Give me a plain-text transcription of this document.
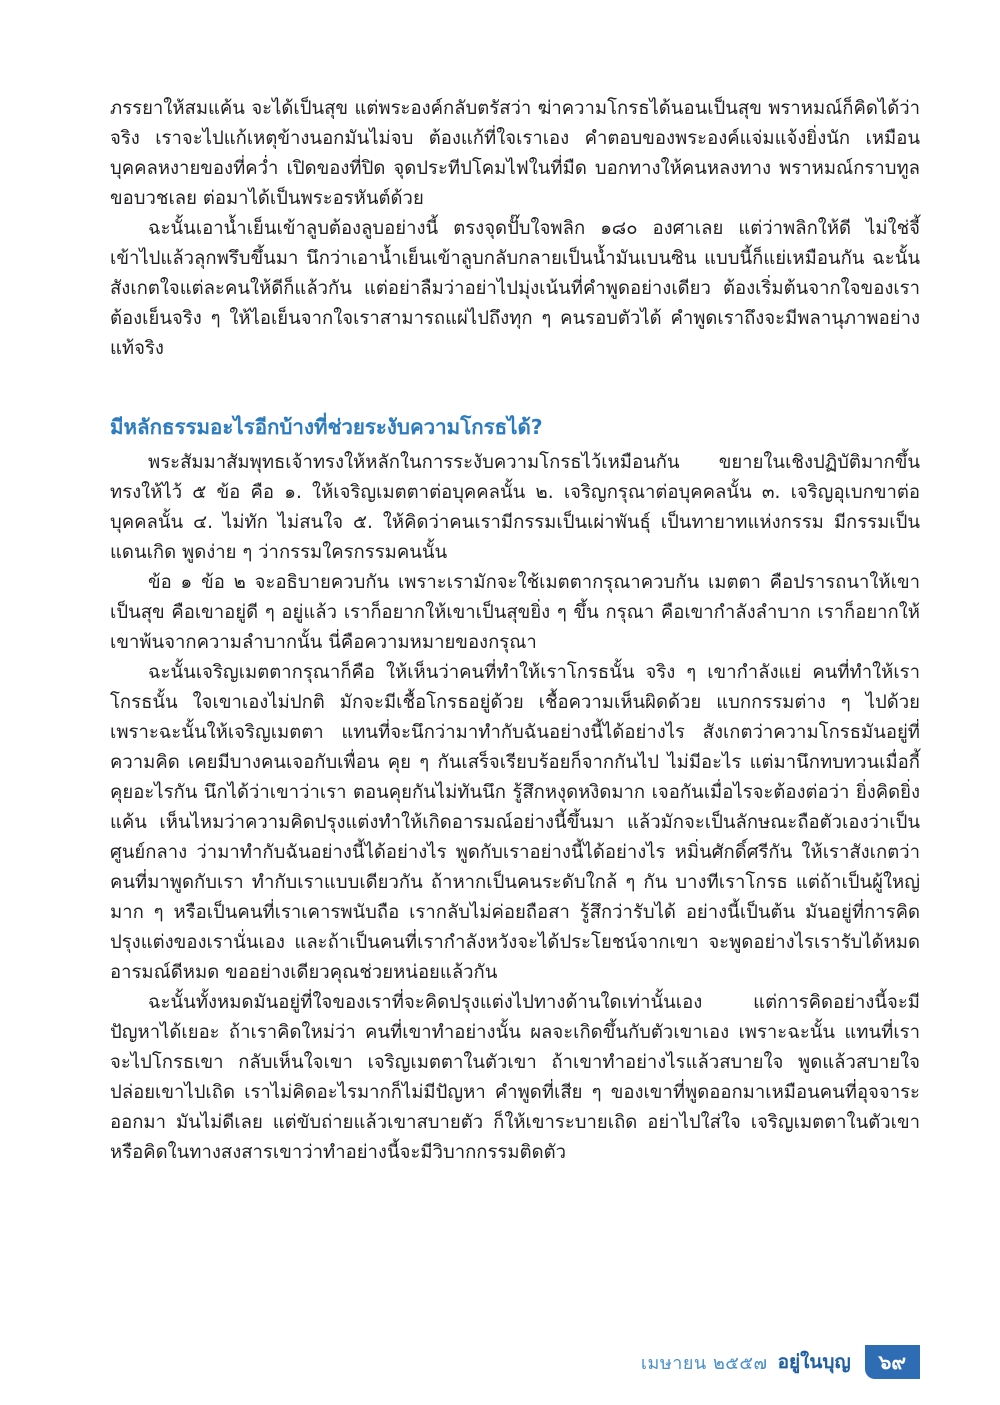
ภรรยาให้สมแค้น จะได้เป็นสุข แต่พระองค์กลับตรัสว่า ฆ่าความโกรธได้นอนเป็นสุข พราหมณ์ก็คิดได้ว่าจริง เราจะไปแก้เหตุข้างนอกมันไม่จบ ต้องแก้ที่ใจเราเอง คำตอบของพระองค์แจ่มแจ้งยิ่งนัก เหมือนบุคคลหงายของที่คว่ำ เปิดของที่ปิด จุดประทีปโคมไฟในที่มืด บอกทางให้คนหลงทาง พราหมณ์กราบทูลขอบวชเลย ต่อมาได้เป็นพระอรหันต์ด้วย

ฉะนั้นเอาน้ำเย็นเข้าลูบต้องลูบอย่างนี้ ตรงจุดปั๊บใจพลิก ๑๘๐ องศาเลย แต่ว่าพลิกให้ดี ไม่ใช่จี้เข้าไปแล้วลุกพรึบขึ้นมา นึกว่าเอาน้ำเย็นเข้าลูบกลับกลายเป็นน้ำมันเบนซิน แบบนี้ก็แย่เหมือนกัน ฉะนั้นสังเกตใจแต่ละคนให้ดีก็แล้วกัน แต่อย่าลืมว่าอย่าไปมุ่งเน้นที่คำพูดอย่างเดียว ต้องเริ่มต้นจากใจของเราต้องเย็นจริง ๆ ให้ไอเย็นจากใจเราสามารถแผ่ไปถึงทุก ๆ คนรอบตัวได้ คำพูดเราถึงจะมีพลานุภาพอย่างแท้จริง

มีหลักธรรมอะไรอีกบ้างที่ช่วยระงับความโกรธได้?

พระสัมมาสัมพุทธเจ้าทรงให้หลักในการระงับความโกรธไว้เหมือนกัน ขยายในเชิงปฏิบัติมากขึ้น ทรงให้ไว้ ๕ ข้อ คือ ๑. ให้เจริญเมตตาต่อบุคคลนั้น ๒. เจริญกรุณาต่อบุคคลนั้น ๓. เจริญอุเบกขาต่อบุคคลนั้น ๔. ไม่ทัก ไม่สนใจ ๕. ให้คิดว่าคนเรามีกรรมเป็นเผ่าพันธุ์ เป็นทายาทแห่งกรรม มีกรรมเป็นแดนเกิด พูดง่าย ๆ ว่ากรรมใครกรรมคนนั้น

ข้อ ๑ ข้อ ๒ จะอธิบายควบกัน เพราะเรามักจะใช้เมตตากรุณาควบกัน เมตตา คือปรารถนาให้เขาเป็นสุข คือเขาอยู่ดี ๆ อยู่แล้ว เราก็อยากให้เขาเป็นสุขยิ่ง ๆ ขึ้น กรุณา คือเขากำลังลำบาก เราก็อยากให้เขาพ้นจากความลำบากนั้น นี่คือความหมายของกรุณา

ฉะนั้นเจริญเมตตากรุณาก็คือ ให้เห็นว่าคนที่ทำให้เราโกรธนั้น จริง ๆ เขากำลังแย่ คนที่ทำให้เราโกรธนั้น ใจเขาเองไม่ปกติ มักจะมีเชื้อโกรธอยู่ด้วย เชื้อความเห็นผิดด้วย แบกกรรมต่าง ๆ ไปด้วย เพราะฉะนั้นให้เจริญเมตตา แทนที่จะนึกว่ามาทำกับฉันอย่างนี้ได้อย่างไร สังเกตว่าความโกรธมันอยู่ที่ความคิด เคยมีบางคนเจอกับเพื่อน คุย ๆ กันเสร็จเรียบร้อยก็จากกันไป ไม่มีอะไร แต่มานึกทบทวนเมื่อกี้คุยอะไรกัน นึกได้ว่าเขาว่าเรา ตอนคุยกันไม่ทันนึก รู้สึกหงุดหงิดมาก เจอกันเมื่อไรจะต้องต่อว่า ยิ่งคิดยิ่งแค้น เห็นไหมว่าความคิดปรุงแต่งทำให้เกิดอารมณ์อย่างนี้ขึ้นมา แล้วมักจะเป็นลักษณะถือตัวเองว่าเป็นศูนย์กลาง ว่ามาทำกับฉันอย่างนี้ได้อย่างไร พูดกับเราอย่างนี้ได้อย่างไร หมิ่นศักดิ์ศรีกัน ให้เราสังเกตว่าคนที่มาพูดกับเรา ทำกับเราแบบเดียวกัน ถ้าหากเป็นคนระดับใกล้ ๆ กัน บางทีเราโกรธ แต่ถ้าเป็นผู้ใหญ่มาก ๆ หรือเป็นคนที่เราเคารพนับถือ เรากลับไม่ค่อยถือสา รู้สึกว่ารับได้ อย่างนี้เป็นต้น มันอยู่ที่การคิดปรุงแต่งของเรานั่นเอง และถ้าเป็นคนที่เรากำลังหวังจะได้ประโยชน์จากเขา จะพูดอย่างไรเรารับได้หมด อารมณ์ดีหมด ขออย่างเดียวคุณช่วยหน่อยแล้วกัน

ฉะนั้นทั้งหมดมันอยู่ที่ใจของเราที่จะคิดปรุงแต่งไปทางด้านใดเท่านั้นเอง แต่การคิดอย่างนี้จะมีปัญหาได้เยอะ ถ้าเราคิดใหม่ว่า คนที่เขาทำอย่างนั้น ผลจะเกิดขึ้นกับตัวเขาเอง เพราะฉะนั้น แทนที่เราจะไปโกรธเขา กลับเห็นใจเขา เจริญเมตตาในตัวเขา ถ้าเขาทำอย่างไรแล้วสบายใจ พูดแล้วสบายใจ ปล่อยเขาไปเถิด เราไม่คิดอะไรมากก็ไม่มีปัญหา คำพูดที่เสีย ๆ ของเขาที่พูดออกมาเหมือนคนที่อุจจาระออกมา มันไม่ดีเลย แต่ขับถ่ายแล้วเขาสบายตัว ก็ให้เขาระบายเถิด อย่าไปใส่ใจ เจริญเมตตาในตัวเขา หรือคิดในทางสงสารเขาว่าทำอย่างนี้จะมีวิบากกรรมติดตัว

เมษายน ๒๕๕๗ อยู่ในบุญ	๖๙
